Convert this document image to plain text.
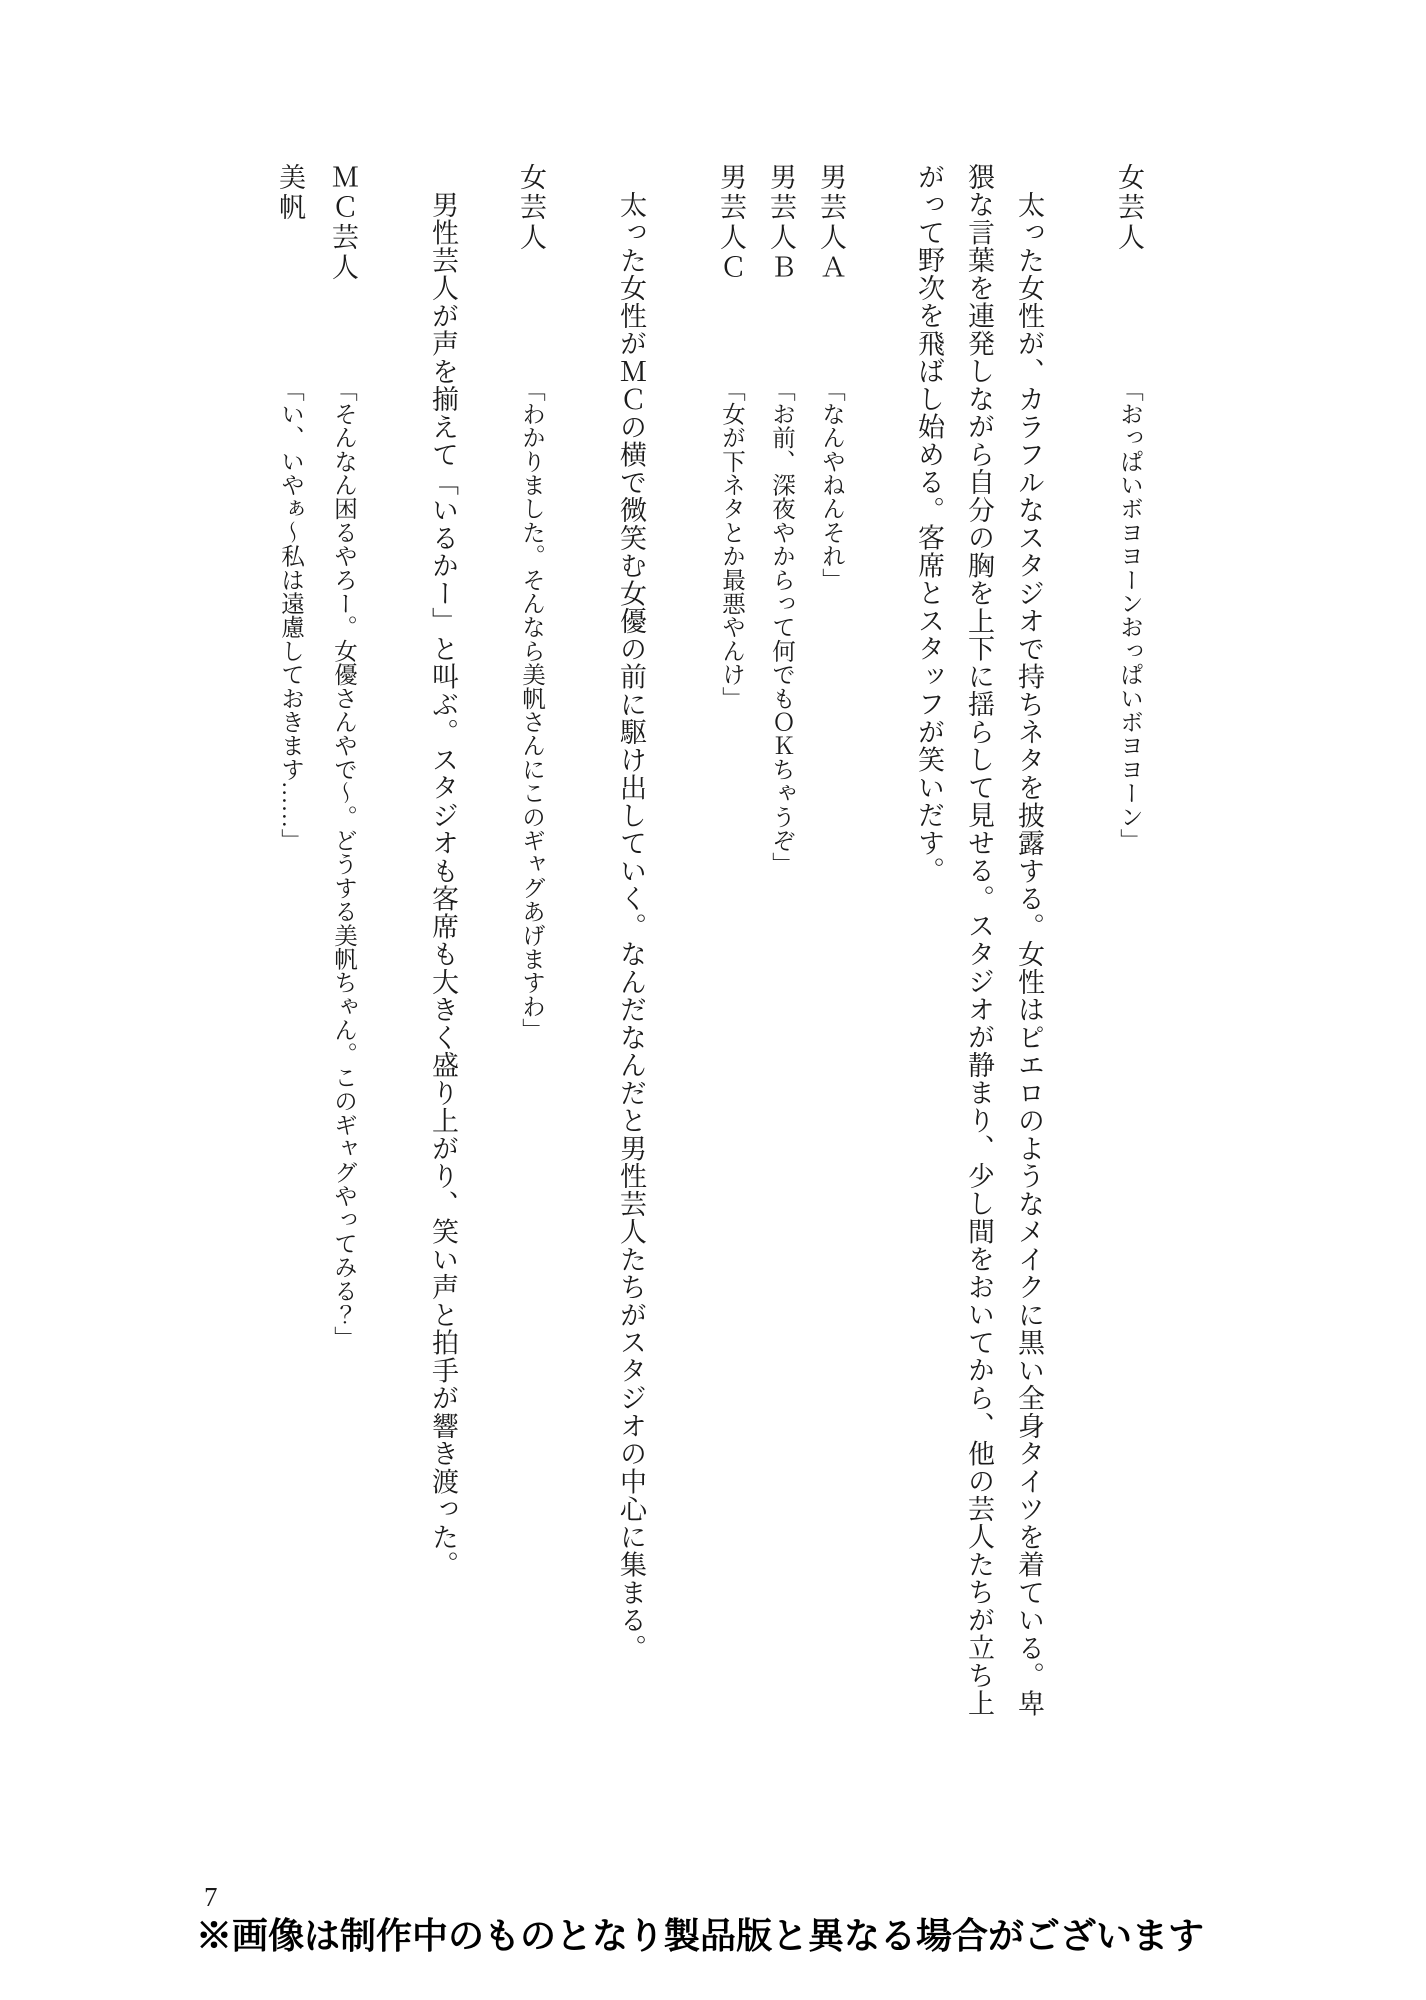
女芸人「おっぱいボヨヨーンおっぱいボヨヨーン」
太った女性が、カラフルなスタジオで持ちネタを披露する。女性はピエロのようなメイクに黒い全身タイツを着ている。卑猥な言葉を連発しながら自分の胸を上下に揺らして見せる。スタジオが静まり、少し間をおいてから、他の芸人たちが立ち上がって野次を飛ばし始める。客席とスタッフが笑いだす。
男芸人Ａ「なんやねんそれ」
男芸人Ｂ「お前、深夜やからって何でもＯＫちゃうぞ」
男芸人Ｃ「女が下ネタとか最悪やんけ」
太った女性がＭＣの横で微笑む女優の前に駆け出していく。なんだなんだと男性芸人たちがスタジオの中心に集まる。
女芸人「わかりました。そんなら美帆さんにこのギャグあげますわ」
男性芸人が声を揃えて「いるかー」と叫ぶ。スタジオも客席も大きく盛り上がり、笑い声と拍手が響き渡った。
ＭＣ芸人「そんなん困るやろー。女優さんやで〜。どうする美帆ちゃん。このギャグやってみる？」
美帆「い、いやぁ〜私は遠慮しておきます……」
7
※画像は制作中のものとなり製品版と異なる場合がございます
